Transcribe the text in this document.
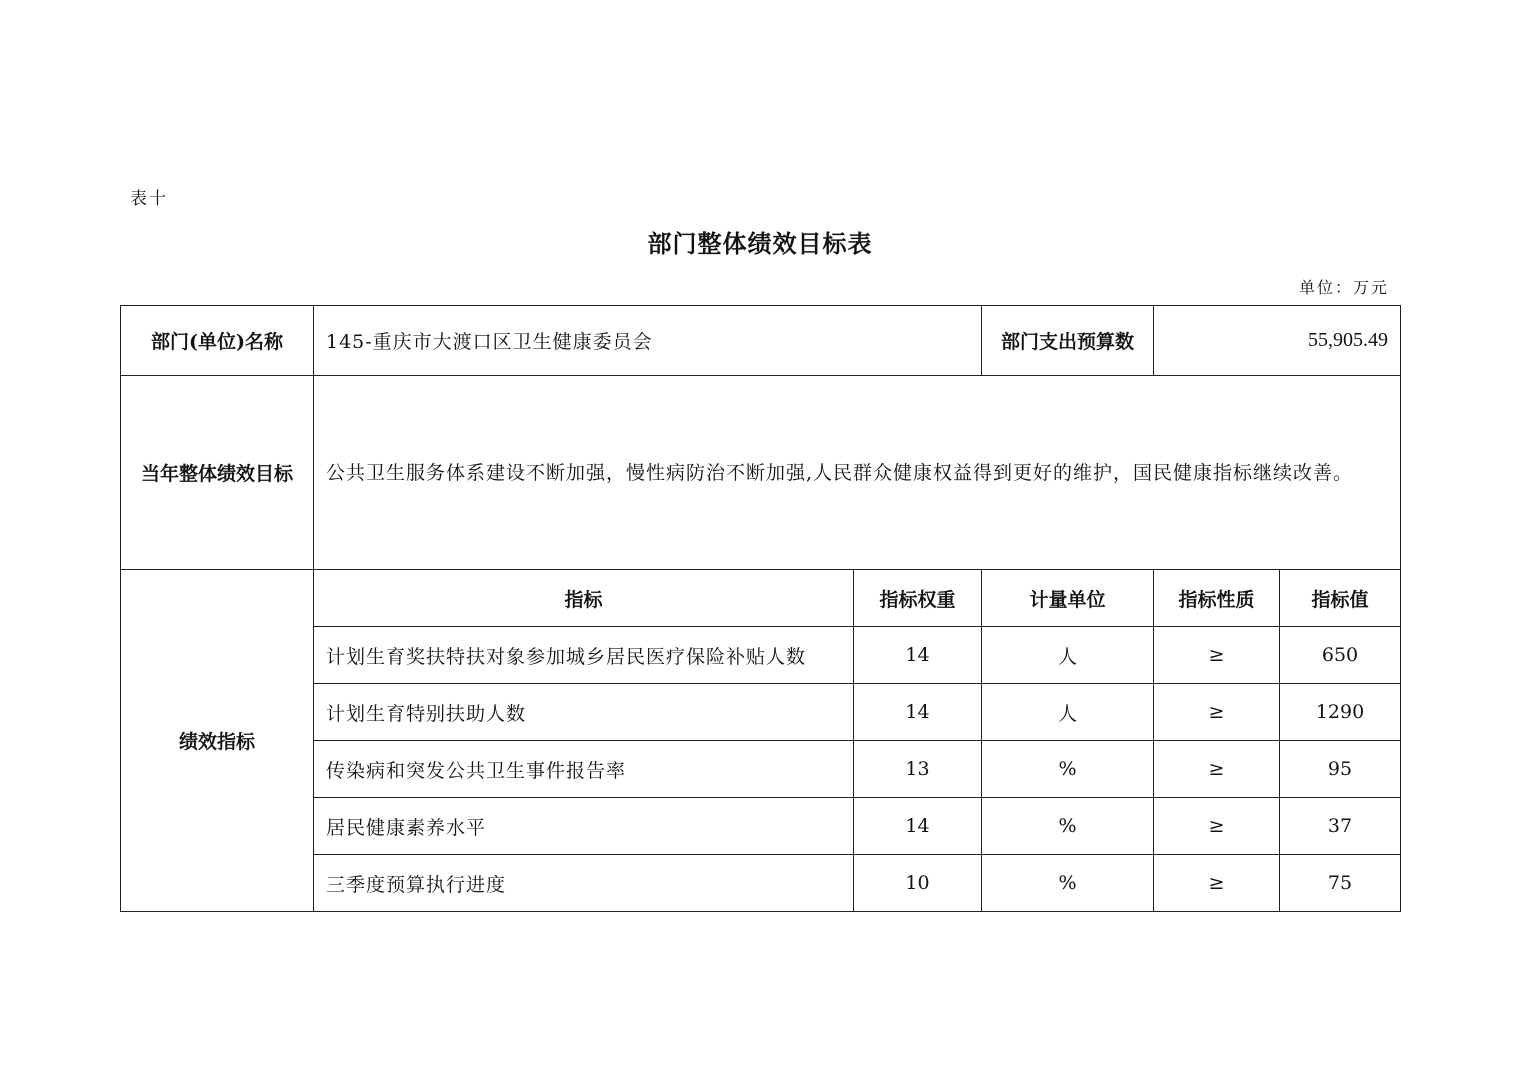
表十
部门整体绩效目标表
单位：万元
部门(单位)名称	145-重庆市大渡口区卫生健康委员会		部门支出预算数	55,905.49	
当年整体绩效目标	公共卫生服务体系建设不断加强，慢性病防治不断加强,人民群众健康权益得到更好的维护，国民健康指标继续改善。				
绩效指标	指标	指标权重	计量单位	指标性质	指标值
	计划生育奖扶特扶对象参加城乡居民医疗保险补贴人数	14	人	≥	650
	计划生育特别扶助人数	14	人	≥	1290
	传染病和突发公共卫生事件报告率	13	%	≥	95
	居民健康素养水平	14	%	≥	37
	三季度预算执行进度	10	%	≥	75
